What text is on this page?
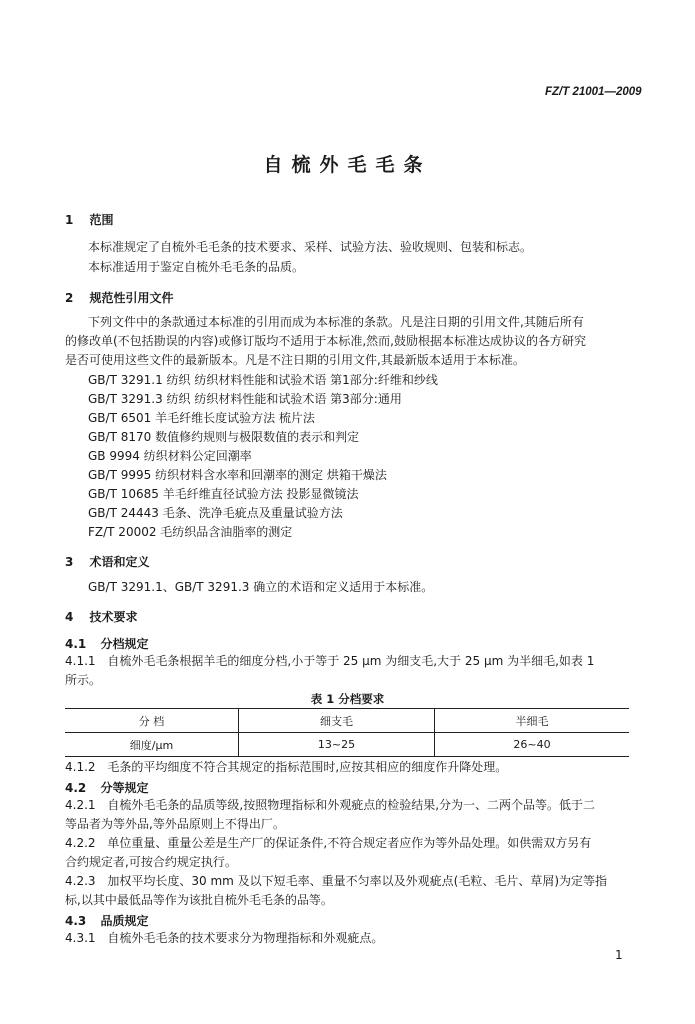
FZ/T 21001—2009
自梳外毛毛条
1 范围
本标准规定了自梳外毛毛条的技术要求、采样、试验方法、验收规则、包装和标志。
本标准适用于鉴定自梳外毛毛条的品质。
2 规范性引用文件
下列文件中的条款通过本标准的引用而成为本标准的条款。凡是注日期的引用文件,其随后所有
的修改单(不包括勘误的内容)或修订版均不适用于本标准,然而,鼓励根据本标准达成协议的各方研究
是否可使用这些文件的最新版本。凡是不注日期的引用文件,其最新版本适用于本标准。
GB/T 3291.1 纺织 纺织材料性能和试验术语 第1部分:纤维和纱线
GB/T 3291.3 纺织 纺织材料性能和试验术语 第3部分:通用
GB/T 6501 羊毛纤维长度试验方法 梳片法
GB/T 8170 数值修约规则与极限数值的表示和判定
GB 9994 纺织材料公定回潮率
GB/T 9995 纺织材料含水率和回潮率的测定 烘箱干燥法
GB/T 10685 羊毛纤维直径试验方法 投影显微镜法
GB/T 24443 毛条、洗净毛疵点及重量试验方法
FZ/T 20002 毛纺织品含油脂率的测定
3 术语和定义
GB/T 3291.1、GB/T 3291.3 确立的术语和定义适用于本标准。
4 技术要求
4.1 分档规定
4.1.1 自梳外毛毛条根据羊毛的细度分档,小于等于 25 μm 为细支毛,大于 25 μm 为半细毛,如表 1
所示。
表 1 分档要求
分 档	细支毛	半细毛
细度/μm	13~25	26~40
4.1.2 毛条的平均细度不符合其规定的指标范围时,应按其相应的细度作升降处理。
4.2 分等规定
4.2.1 自梳外毛毛条的品质等级,按照物理指标和外观疵点的检验结果,分为一、二两个品等。低于二
等品者为等外品,等外品原则上不得出厂。
4.2.2 单位重量、重量公差是生产厂的保证条件,不符合规定者应作为等外品处理。如供需双方另有
合约规定者,可按合约规定执行。
4.2.3 加权平均长度、30 mm 及以下短毛率、重量不匀率以及外观疵点(毛粒、毛片、草屑)为定等指
标,以其中最低品等作为该批自梳外毛毛条的品等。
4.3 品质规定
4.3.1 自梳外毛毛条的技术要求分为物理指标和外观疵点。
1
